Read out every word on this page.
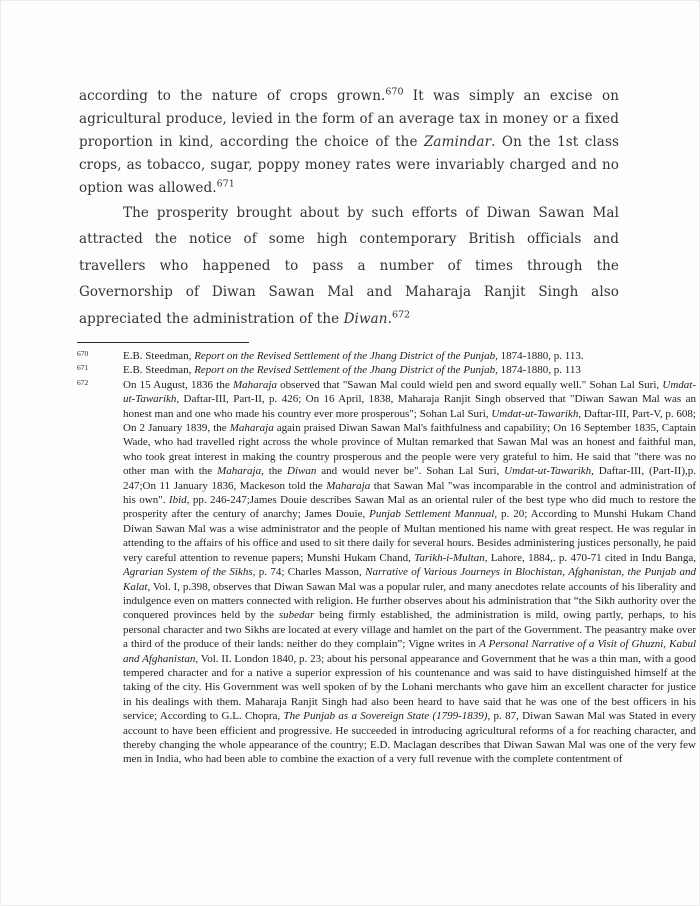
according to the nature of crops grown.$^{670}$ It was simply an excise on agricultural produce, levied in the form of an average tax in money or a fixed proportion in kind, according the choice of the Zamindar. On the 1st class crops, as tobacco, sugar, poppy money rates were invariably charged and no option was allowed.$^{671}$

The prosperity brought about by such efforts of Diwan Sawan Mal attracted the notice of some high contemporary British officials and travellers who happened to pass a number of times through the Governorship of Diwan Sawan Mal and Maharaja Ranjit Singh also appreciated the administration of the Diwan.$^{672}$

670	E.B. Steedman, Report on the Revised Settlement of the Jhang District of the Punjab, 1874-1880, p. 113.
671	E.B. Steedman, Report on the Revised Settlement of the Jhang District of the Punjab, 1874-1880, p. 113
672	On 15 August, 1836 the Maharaja observed that "Sawan Mal could wield pen and sword equally well." Sohan Lal Suri, Umdat-ut-Tawarikh, Daftar-III, Part-II, p. 426; On 16 April, 1838, Maharaja Ranjit Singh observed that "Diwan Sawan Mal was an honest man and one who made his country ever more prosperous"; Sohan Lal Suri, Umdat-ut-Tawarikh, Daftar-III, Part-V, p. 608; On 2 January 1839, the Maharaja again praised Diwan Sawan Mal's faithfulness and capability; On 16 September 1835, Captain Wade, who had travelled right across the whole province of Multan remarked that Sawan Mal was an honest and faithful man, who took great interest in making the country prosperous and the people were very grateful to him. He said that "there was no other man with the Maharaja, the Diwan and would never be". Sohan Lal Suri, Umdat-ut-Tawarikh, Daftar-III, (Part-II),p. 247;On 11 January 1836, Mackeson told the Maharaja that Sawan Mal "was incomparable in the control and administration of his own". Ibid, pp. 246-247;James Douie describes Sawan Mal as an oriental ruler of the best type who did much to restore the prosperity after the century of anarchy; James Douie, Punjab Settlement Mannual, p. 20; According to Munshi Hukam Chand Diwan Sawan Mal was a wise administrator and the people of Multan mentioned his name with great respect. He was regular in attending to the affairs of his office and used to sit there daily for several hours. Besides administering justices personally, he paid very careful attention to revenue papers; Munshi Hukam Chand, Tarikh-i-Multan, Lahore, 1884,. p. 470-71 cited in Indu Banga, Agrarian System of the Sikhs, p. 74; Charles Masson, Narrative of Various Journeys in Blochistan, Afghanistan, the Punjab and Kalat, Vol. I, p.398, observes that Diwan Sawan Mal was a popular ruler, and many anecdotes relate accounts of his liberality and indulgence even on matters connected with religion. He further observes about his administration that “the Sikh authority over the conquered provinces held by the subedar being firmly established, the administration is mild, owing partly, perhaps, to his personal character and two Sikhs are located at every village and hamlet on the part of the Government. The peasantry make over a third of the produce of their lands: neither do they complain”; Vigne writes in A Personal Narrative of a Visit of Ghuzni, Kabul and Afghanistan, Vol. II. London 1840, p. 23; about his personal appearance and Government that he was a thin man, with a good tempered character and for a native a superior expression of his countenance and was said to have distinguished himself at the taking of the city. His Government was well spoken of by the Lohani merchants who gave him an excellent character for justice in his dealings with them. Maharaja Ranjit Singh had also been heard to have said that he was one of the best officers in his service; According to G.L. Chopra, The Punjab as a Sovereign State (1799-1839), p. 87, Diwan Sawan Mal was Stated in every account to have been efficient and progressive. He succeeded in introducing agricultural reforms of a for reaching character, and thereby changing the whole appearance of the country; E.D. Maclagan describes that Diwan Sawan Mal was one of the very few men in India, who had been able to combine the exaction of a very full revenue with the complete contentment of
